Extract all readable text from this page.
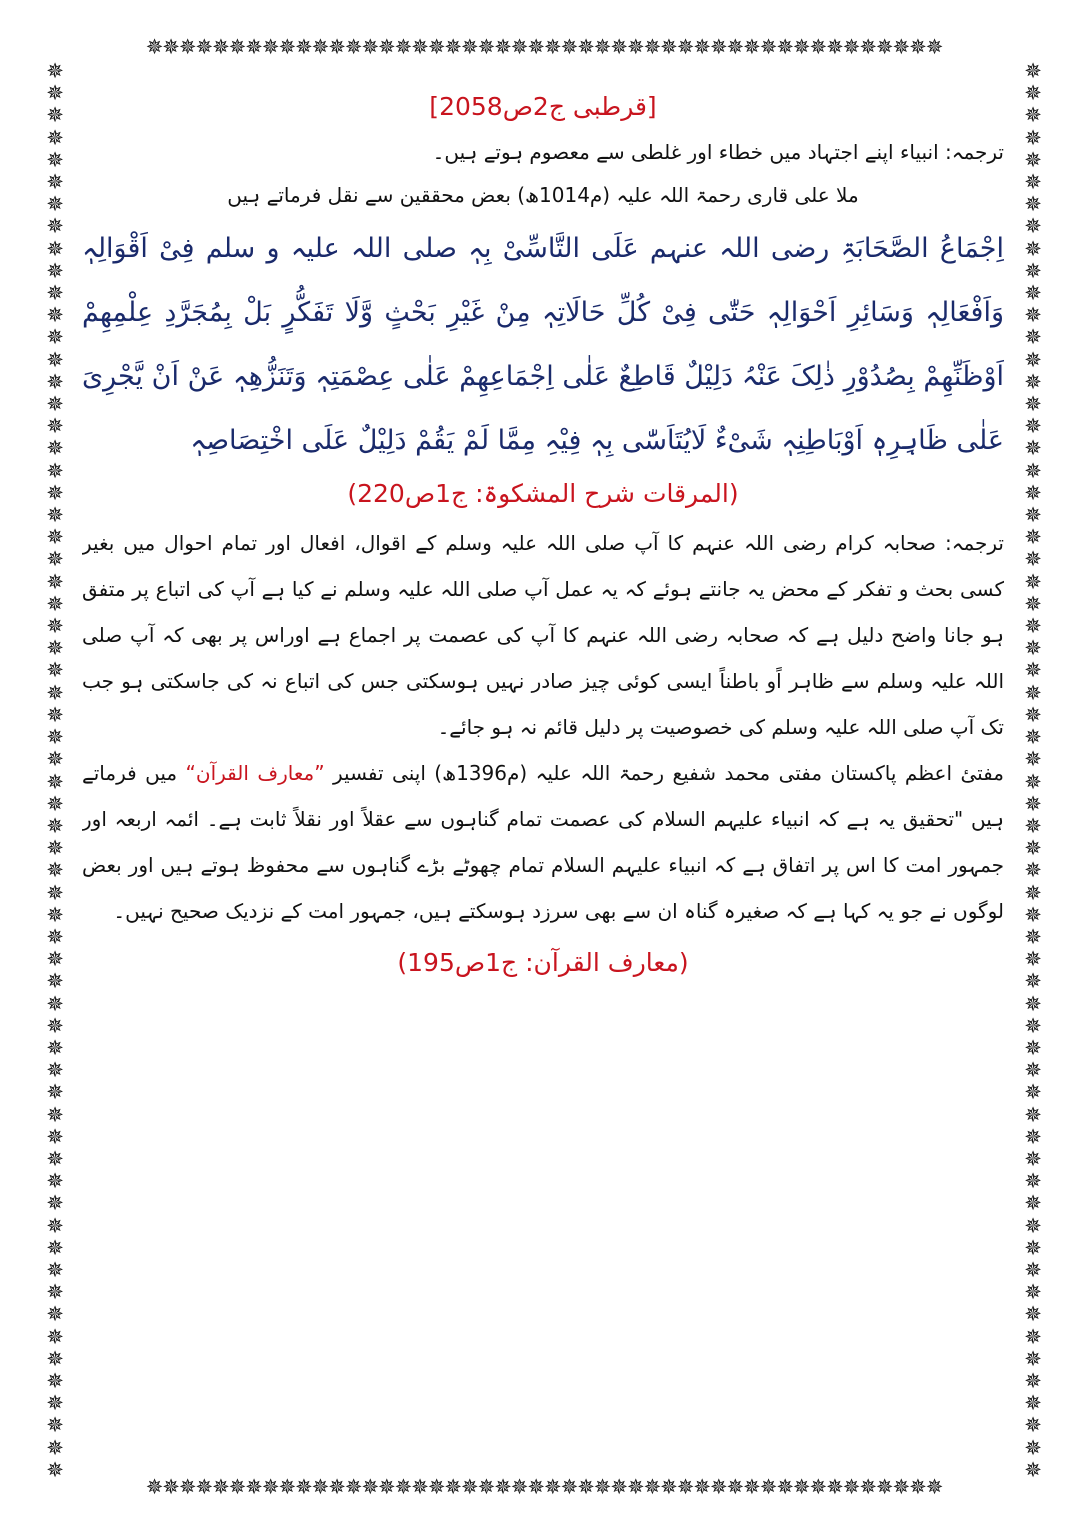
✵✵✵✵✵✵✵✵✵✵✵✵✵✵✵✵✵✵✵✵✵✵✵✵✵✵✵✵✵✵✵✵✵✵✵✵✵✵✵✵✵✵✵✵✵✵✵✵
✵✵✵✵✵✵✵✵✵✵✵✵✵✵✵✵✵✵✵✵✵✵✵✵✵✵✵✵✵✵✵✵✵✵✵✵✵✵✵✵✵✵✵✵✵✵✵✵
✵✵✵✵✵✵✵✵✵✵✵✵✵✵✵✵✵✵✵✵✵✵✵✵✵✵✵✵✵✵✵✵✵✵✵✵✵✵✵✵✵✵✵✵✵✵✵✵✵✵✵✵✵✵✵✵✵✵✵✵✵✵✵✵
✵✵✵✵✵✵✵✵✵✵✵✵✵✵✵✵✵✵✵✵✵✵✵✵✵✵✵✵✵✵✵✵✵✵✵✵✵✵✵✵✵✵✵✵✵✵✵✵✵✵✵✵✵✵✵✵✵✵✵✵✵✵✵✵

[قرطبی ج2ص2058]

ترجمہ: انبیاء اپنے اجتہاد میں خطاء اور غلطی سے معصوم ہوتے ہیں۔

ملا علی قاری رحمۃ اللہ علیہ (م1014ھ) بعض محققین سے نقل فرماتے ہیں

اِجْمَاعُ الصَّحَابَۃِ رضی اللہ عنہم عَلَی التَّاسِّیْ بِہٖ صلی اللہ علیہ و سلم فِیْ اَقْوَالِہٖ وَاَفْعَالِہٖ وَسَائِرِ اَحْوَالِہٖ حَتّٰی فِیْ کُلِّ حَالَاتِہٖ مِنْ غَیْرِ بَحْثٍ وَّلَا تَفَکُّرٍ بَلْ بِمُجَرَّدِ عِلْمِھِمْ اَوْظَنِّھِمْ بِصُدُوْرِ ذٰلِکَ عَنْہُ دَلِیْلٌ قَاطِعٌ عَلٰی اِجْمَاعِھِمْ عَلٰی عِصْمَتِہٖ وَتَنَزُّھِہٖ عَنْ اَنْ یَّجْرِیَ عَلٰی ظَاہِرِہٖ اَوْبَاطِنِہٖ شَیْءٌ لَایُتَاَسّٰی بِہٖ فِیْہِ مِمَّا لَمْ یَقُمْ دَلِیْلٌ عَلَی اخْتِصَاصِہٖ

(المرقات شرح المشکوۃ: ج1ص220)

ترجمہ: صحابہ کرام رضی اللہ عنہم کا آپ صلی اللہ علیہ وسلم کے اقوال، افعال اور تمام احوال میں بغیر کسی بحث و تفکر کے محض یہ جانتے ہوئے کہ یہ عمل آپ صلی اللہ علیہ وسلم نے کیا ہے آپ کی اتباع پر متفق ہو جانا واضح دلیل ہے کہ صحابہ رضی اللہ عنہم کا آپ کی عصمت پر اجماع ہے اوراس پر بھی کہ آپ صلی اللہ علیہ وسلم سے ظاہر اًو باطناً ایسی کوئی چیز صادر نہیں ہوسکتی جس کی اتباع نہ کی جاسکتی ہو جب تک آپ صلی اللہ علیہ وسلم کی خصوصیت پر دلیل قائم نہ ہو جائے۔

مفتیٔ اعظم پاکستان مفتی محمد شفیع رحمۃ اللہ علیہ (م1396ھ) اپنی تفسیر ”معارف القرآن“ میں فرماتے ہیں "تحقیق یہ ہے کہ انبیاء علیہم السلام کی عصمت تمام گناہوں سے عقلاً اور نقلاً ثابت ہے۔ ائمہ اربعہ اور جمہور امت کا اس پر اتفاق ہے کہ انبیاء علیہم السلام تمام چھوٹے بڑے گناہوں سے محفوظ ہوتے ہیں اور بعض لوگوں نے جو یہ کہا ہے کہ صغیرہ گناہ ان سے بھی سرزد ہوسکتے ہیں، جمہور امت کے نزدیک صحیح نہیں۔

(معارف القرآن: ج1ص195)
